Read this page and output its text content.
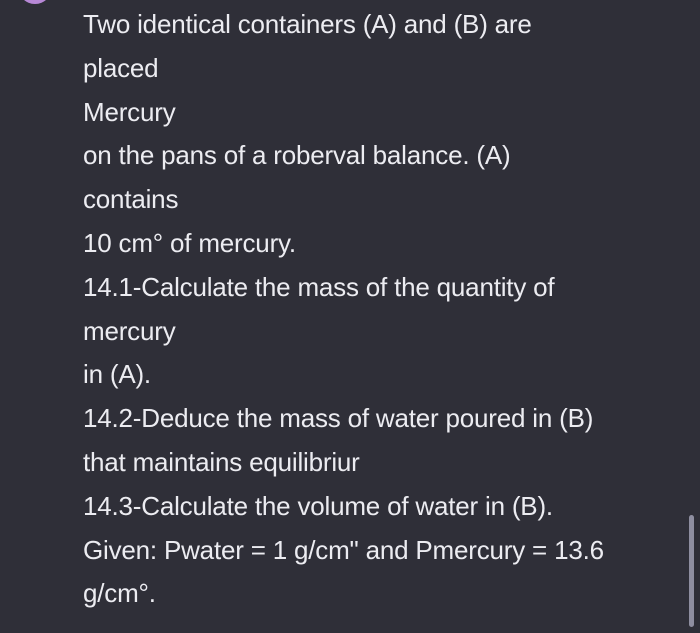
Two identical containers (A) and (B) are
placed
Mercury
on the pans of a roberval balance. (A)
contains
10 cm° of mercury.
14.1-Calculate the mass of the quantity of
mercury
in (A).
14.2-Deduce the mass of water poured in (B)
that maintains equilibriur
14.3-Calculate the volume of water in (B).
Given: Pwater = 1 g/cm" and Pmercury = 13.6
g/cm°.
